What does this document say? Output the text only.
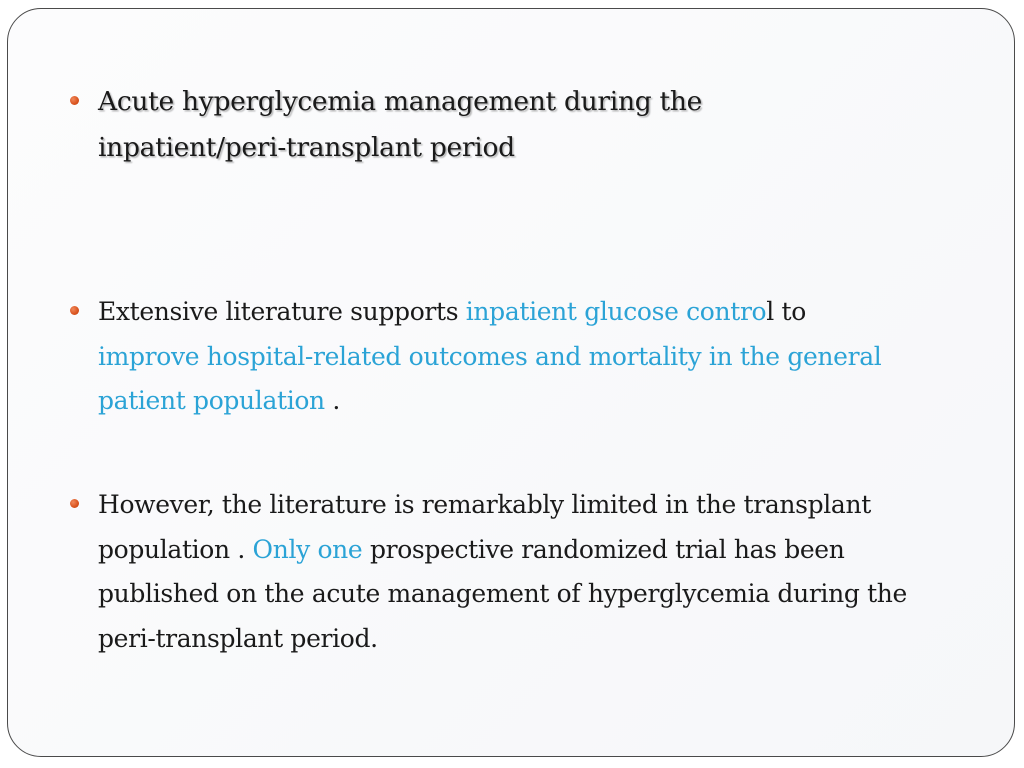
Acute hyperglycemia management during the
inpatient/peri-transplant period
Extensive literature supports inpatient glucose control to
improve hospital-related outcomes and mortality in the general
patient population .
However, the literature is remarkably limited in the transplant
population . Only one prospective randomized trial has been
published on the acute management of hyperglycemia during the
peri-transplant period.
